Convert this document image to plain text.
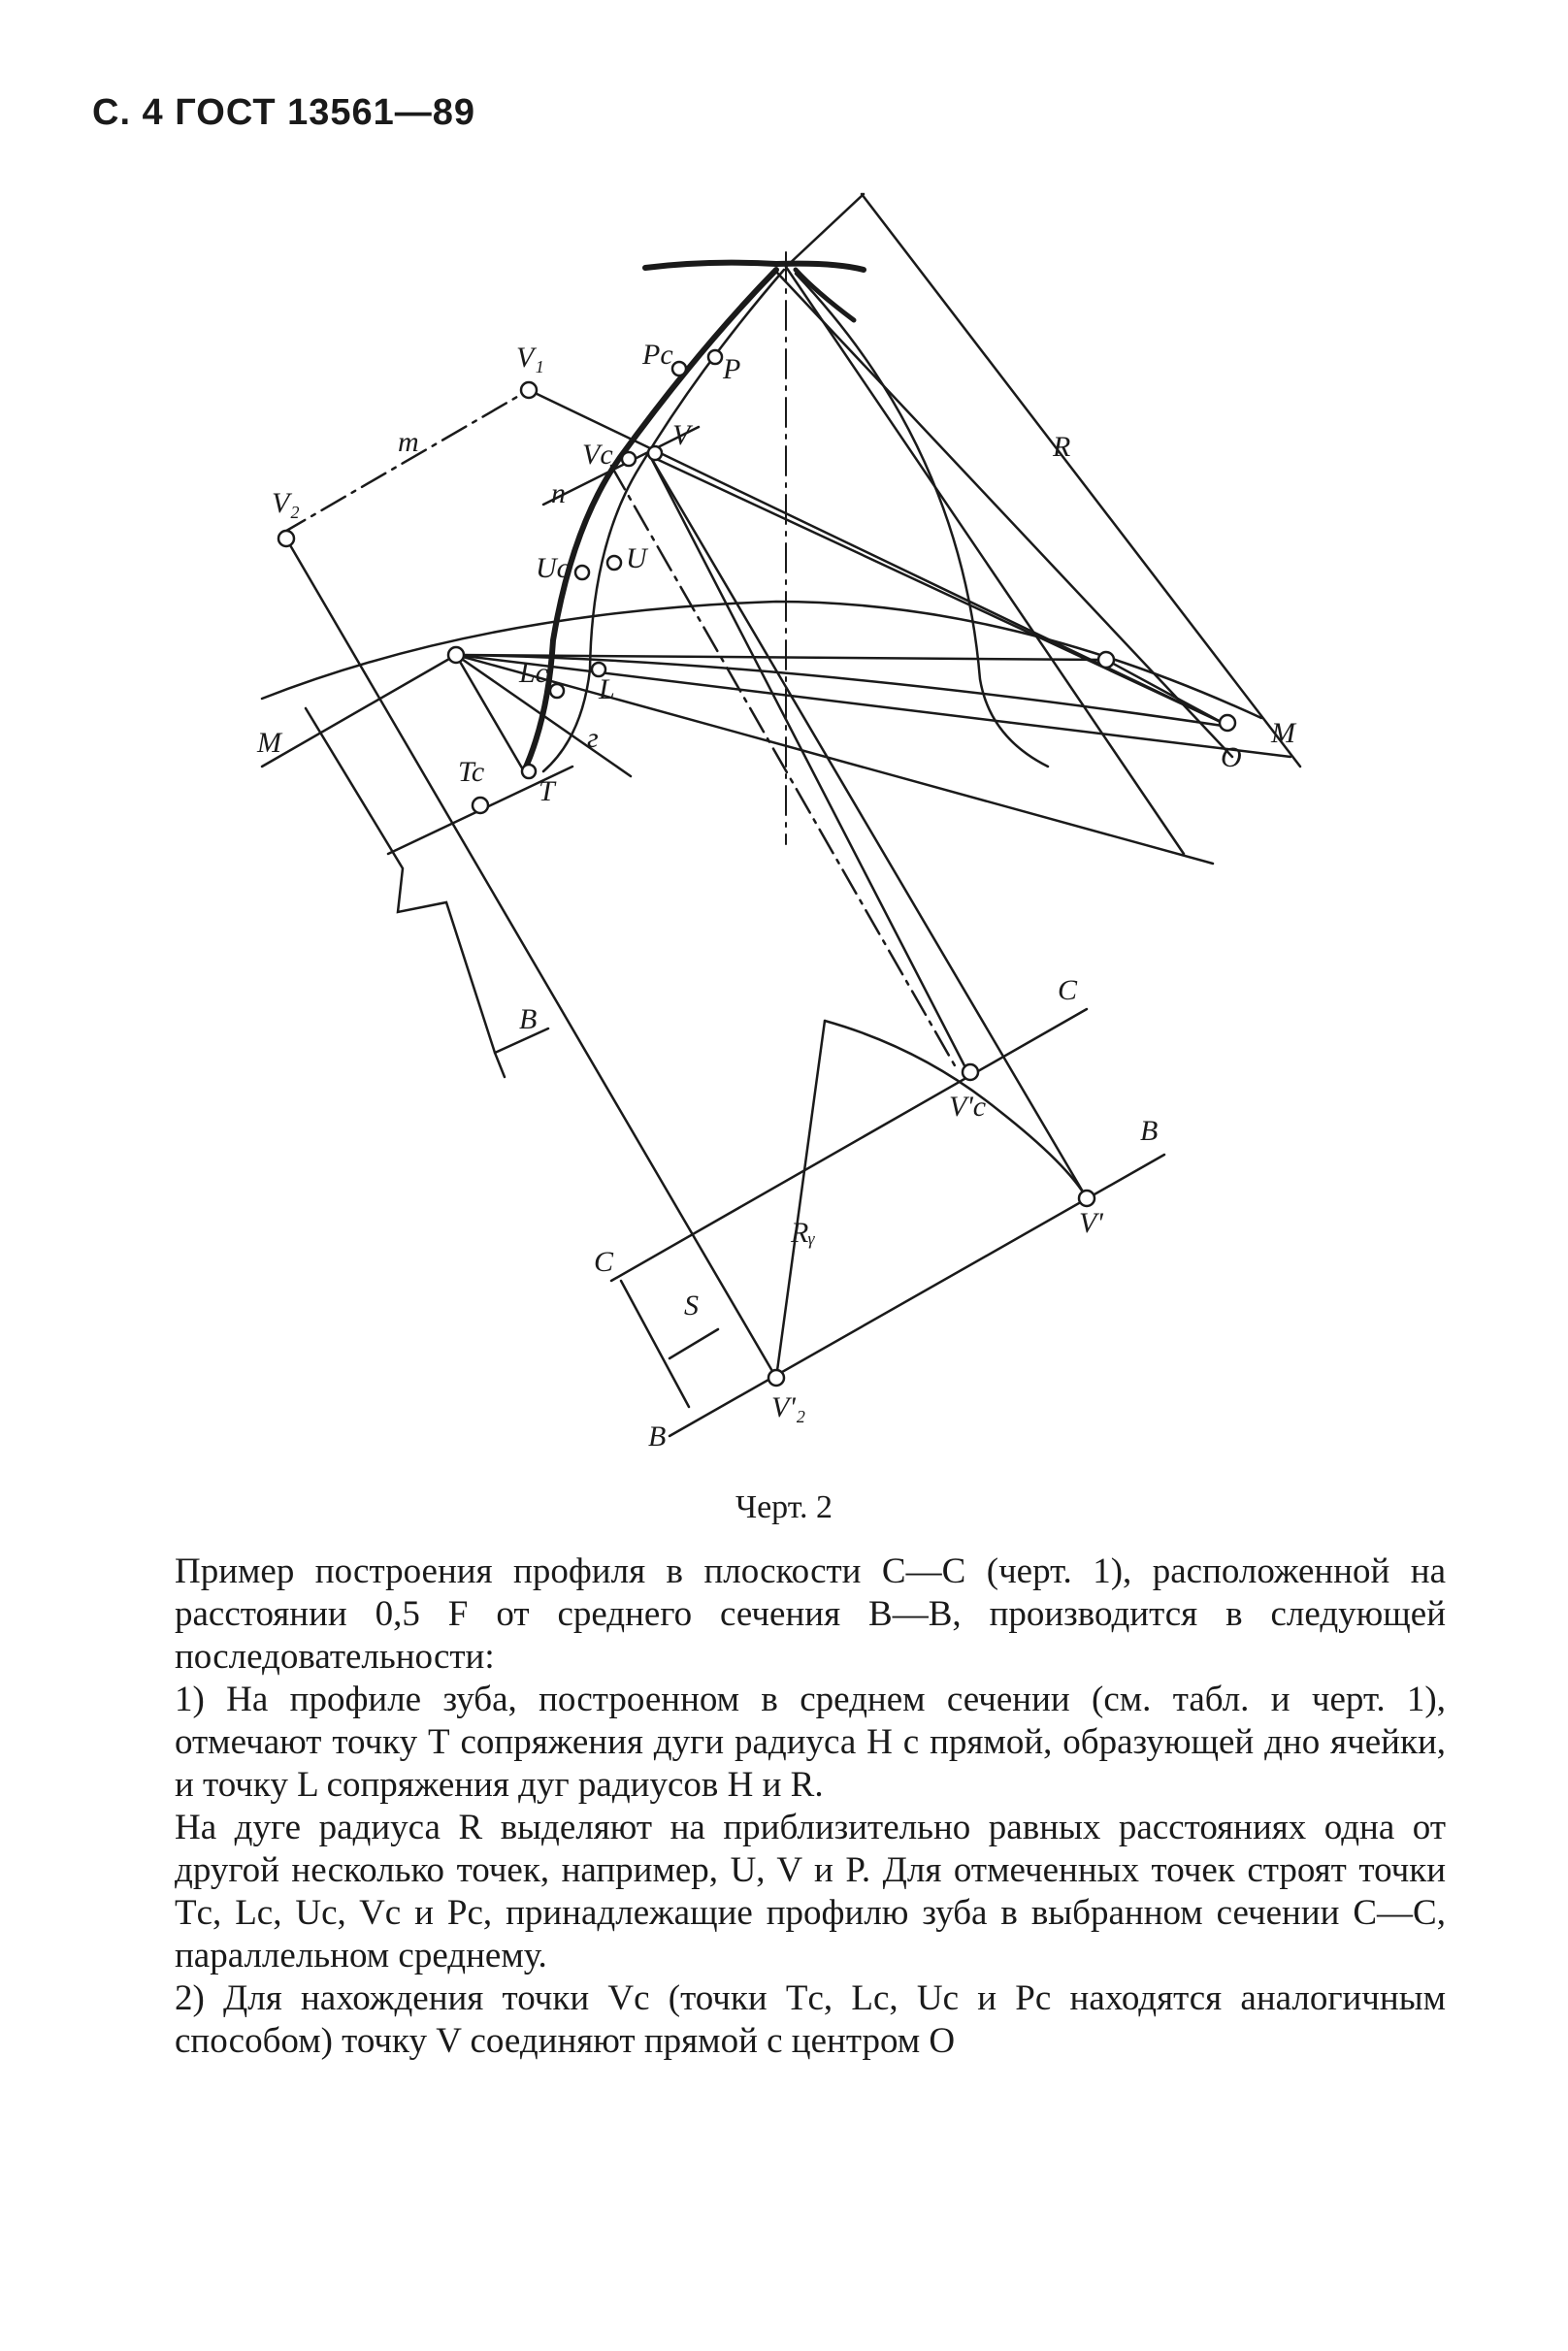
С. 4 ГОСТ 13561—89
V₁
V₂
m
n
Pc P
Vc
V
Uc U
Lc
L
г
Tc
T
M	M
O
R
B
C
V'c
B
V'
Rᵧ
C
S
V'₂
B
Черт. 2

Пример построения профиля в плоскости С—С (черт. 1), расположенной на расстоянии 0,5 F от среднего сечения В—В, производится в следующей последовательности:

1) На профиле зуба, построенном в среднем сечении (см. табл. и черт. 1), отмечают точку Т сопряжения дуги радиуса Н с прямой, образующей дно ячейки, и точку L сопряжения дуг радиусов Н и R.

На дуге радиуса R выделяют на приблизительно равных расстояниях одна от другой несколько точек, например, U, V и P. Для отмеченных точек строят точки Тc, Lc, Uc, Vc и Pc, принадлежащие профилю зуба в выбранном сечении С—С, параллельном среднему.

2) Для нахождения точки Vc (точки Тc, Lc, Uc и Pc находятся аналогичным способом) точку V соединяют прямой с центром О
